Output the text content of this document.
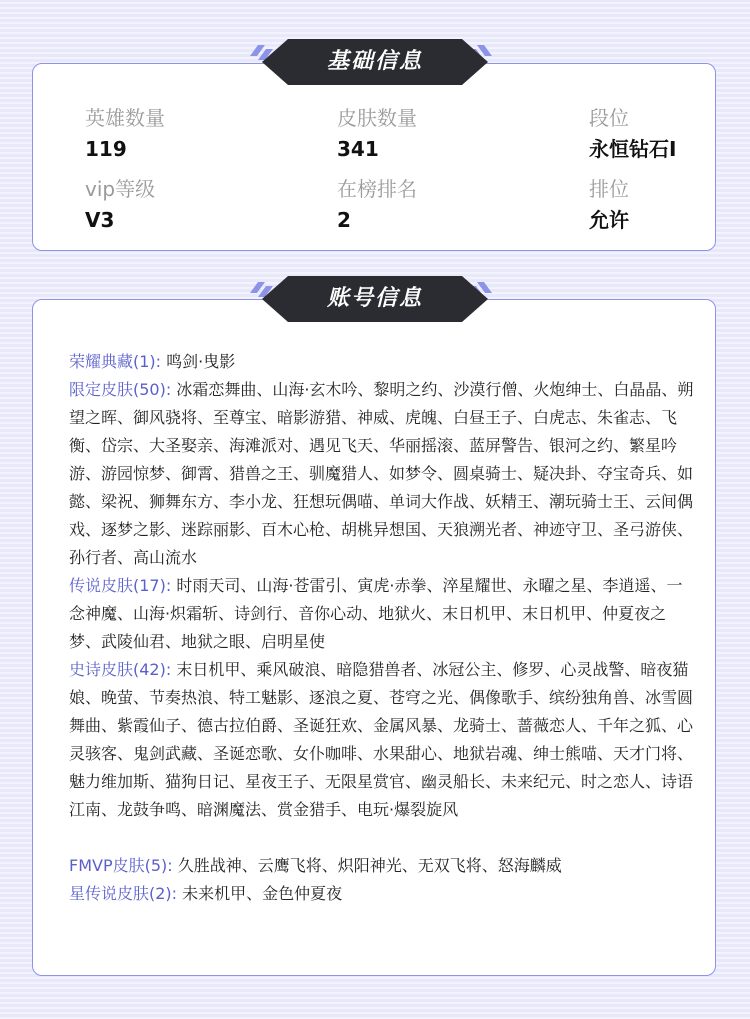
英雄数量
119
皮肤数量
341
段位
永恒钻石I
vip等级
V3
在榜排名
2
排位
允许
基础信息
荣耀典藏(1): 鸣剑·曳影
限定皮肤(50): 冰霜恋舞曲、山海·玄木吟、黎明之约、沙漠行僧、火炮绅士、白晶晶、朔望之晖、御风骁将、至尊宝、暗影游猎、神威、虎魄、白昼王子、白虎志、朱雀志、飞衡、岱宗、大圣娶亲、海滩派对、遇见飞天、华丽摇滚、蓝屏警告、银河之约、繁星吟游、游园惊梦、御霄、猎兽之王、驯魔猎人、如梦令、圆桌骑士、疑决卦、夺宝奇兵、如懿、梁祝、狮舞东方、李小龙、狂想玩偶喵、单词大作战、妖精王、潮玩骑士王、云间偶戏、逐梦之影、迷踪丽影、百木心枪、胡桃异想国、天狼溯光者、神迹守卫、圣弓游侠、孙行者、高山流水
传说皮肤(17): 时雨天司、山海·苍雷引、寅虎·赤拳、淬星耀世、永曜之星、李逍遥、一念神魔、山海·炽霜斩、诗剑行、音你心动、地狱火、末日机甲、末日机甲、仲夏夜之梦、武陵仙君、地狱之眼、启明星使
史诗皮肤(42): 末日机甲、乘风破浪、暗隐猎兽者、冰冠公主、修罗、心灵战警、暗夜猫娘、晚萤、节奏热浪、特工魅影、逐浪之夏、苍穹之光、偶像歌手、缤纷独角兽、冰雪圆舞曲、紫霞仙子、德古拉伯爵、圣诞狂欢、金属风暴、龙骑士、蔷薇恋人、千年之狐、心灵骇客、鬼剑武藏、圣诞恋歌、女仆咖啡、水果甜心、地狱岩魂、绅士熊喵、天才门将、魅力维加斯、猫狗日记、星夜王子、无限星赏官、幽灵船长、未来纪元、时之恋人、诗语江南、龙鼓争鸣、暗渊魔法、赏金猎手、电玩·爆裂旋风
FMVP皮肤(5): 久胜战神、云鹰飞将、炽阳神光、无双飞将、怒海麟威
星传说皮肤(2): 未来机甲、金色仲夏夜
账号信息
